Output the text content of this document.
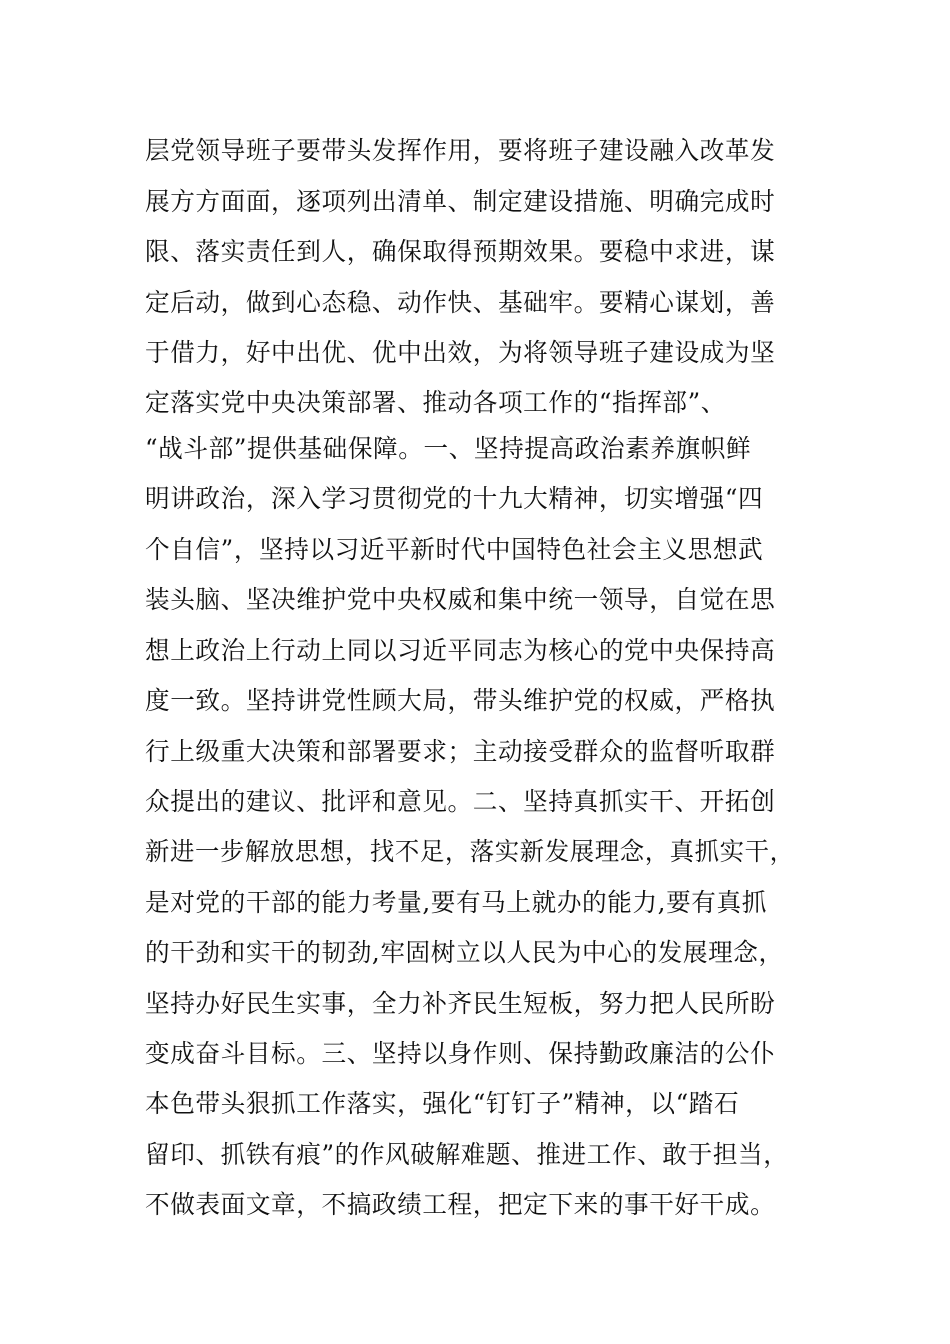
层党领导班子要带头发挥作用，要将班子建设融入改革发
展方方面面，逐项列出清单、制定建设措施、明确完成时
限、落实责任到人，确保取得预期效果。要稳中求进，谋
定后动，做到心态稳、动作快、基础牢。要精心谋划，善
于借力，好中出优、优中出效，为将领导班子建设成为坚
定落实党中央决策部署、推动各项工作的“指挥部”、
“战斗部”提供基础保障。一、坚持提高政治素养旗帜鲜
明讲政治，深入学习贯彻党的十九大精神，切实增强“四
个自信”，坚持以习近平新时代中国特色社会主义思想武
装头脑、坚决维护党中央权威和集中统一领导，自觉在思
想上政治上行动上同以习近平同志为核心的党中央保持高
度一致。坚持讲党性顾大局，带头维护党的权威，严格执
行上级重大决策和部署要求；主动接受群众的监督听取群
众提出的建议、批评和意见。二、坚持真抓实干、开拓创
新进一步解放思想，找不足，落实新发展理念，真抓实干，
是对党的干部的能力考量,要有马上就办的能力,要有真抓
的干劲和实干的韧劲,牢固树立以人民为中心的发展理念，
坚持办好民生实事，全力补齐民生短板，努力把人民所盼
变成奋斗目标。三、坚持以身作则、保持勤政廉洁的公仆
本色带头狠抓工作落实，强化“钉钉子”精神，以“踏石
留印、抓铁有痕”的作风破解难题、推进工作、敢于担当，
不做表面文章，不搞政绩工程，把定下来的事干好干成。
